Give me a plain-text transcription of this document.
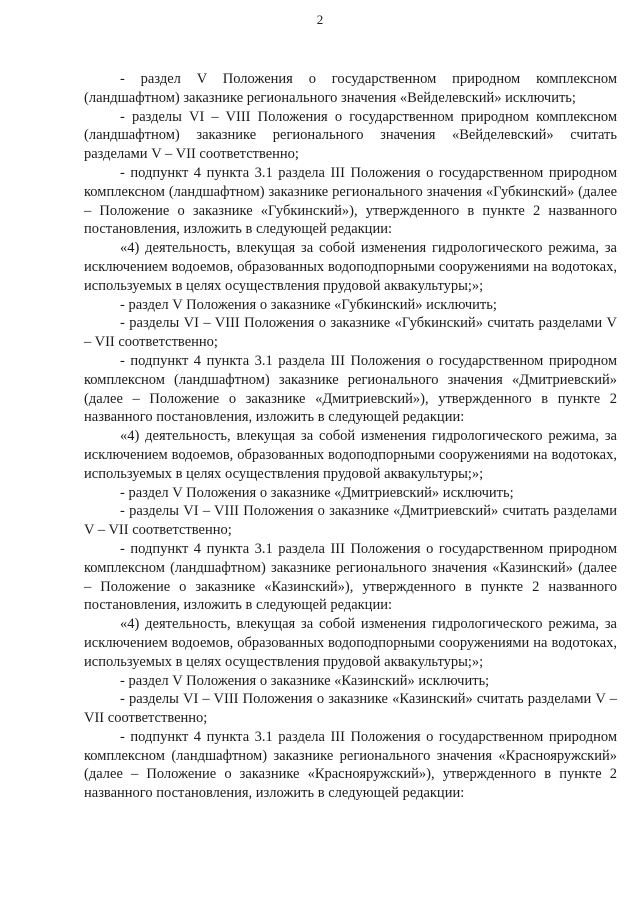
2

- раздел V Положения о государственном природном комплексном (ландшафтном) заказнике регионального значения «Вейделевский» исключить;

- разделы VI – VIII Положения о государственном природном комплексном (ландшафтном) заказнике регионального значения «Вейделевский» считать разделами V – VII соответственно;

- подпункт 4 пункта 3.1 раздела III Положения о государственном природном комплексном (ландшафтном) заказнике регионального значения «Губкинский» (далее – Положение о заказнике «Губкинский»), утвержденного в пункте 2 названного постановления, изложить в следующей редакции:

«4) деятельность, влекущая за собой изменения гидрологического режима, за исключением водоемов, образованных водоподпорными сооружениями на водотоках, используемых в целях осуществления прудовой аквакультуры;»;

- раздел V Положения о заказнике «Губкинский» исключить;

- разделы VI – VIII Положения о заказнике «Губкинский» считать разделами V – VII соответственно;

- подпункт 4 пункта 3.1 раздела III Положения о государственном природном комплексном (ландшафтном) заказнике регионального значения «Дмитриевский» (далее – Положение о заказнике «Дмитриевский»), утвержденного в пункте 2 названного постановления, изложить в следующей редакции:

«4) деятельность, влекущая за собой изменения гидрологического режима, за исключением водоемов, образованных водоподпорными сооружениями на водотоках, используемых в целях осуществления прудовой аквакультуры;»;

- раздел V Положения о заказнике «Дмитриевский» исключить;

- разделы VI – VIII Положения о заказнике «Дмитриевский» считать разделами V – VII соответственно;

- подпункт 4 пункта 3.1 раздела III Положения о государственном природном комплексном (ландшафтном) заказнике регионального значения «Казинский» (далее – Положение о заказнике «Казинский»), утвержденного в пункте 2 названного постановления, изложить в следующей редакции:

«4) деятельность, влекущая за собой изменения гидрологического режима, за исключением водоемов, образованных водоподпорными сооружениями на водотоках, используемых в целях осуществления прудовой аквакультуры;»;

- раздел V Положения о заказнике «Казинский» исключить;

- разделы VI – VIII Положения о заказнике «Казинский» считать разделами V – VII соответственно;

- подпункт 4 пункта 3.1 раздела III Положения о государственном природном комплексном (ландшафтном) заказнике регионального значения «Краснояружский» (далее – Положение о заказнике «Краснояружский»), утвержденного в пункте 2 названного постановления, изложить в следующей редакции:
